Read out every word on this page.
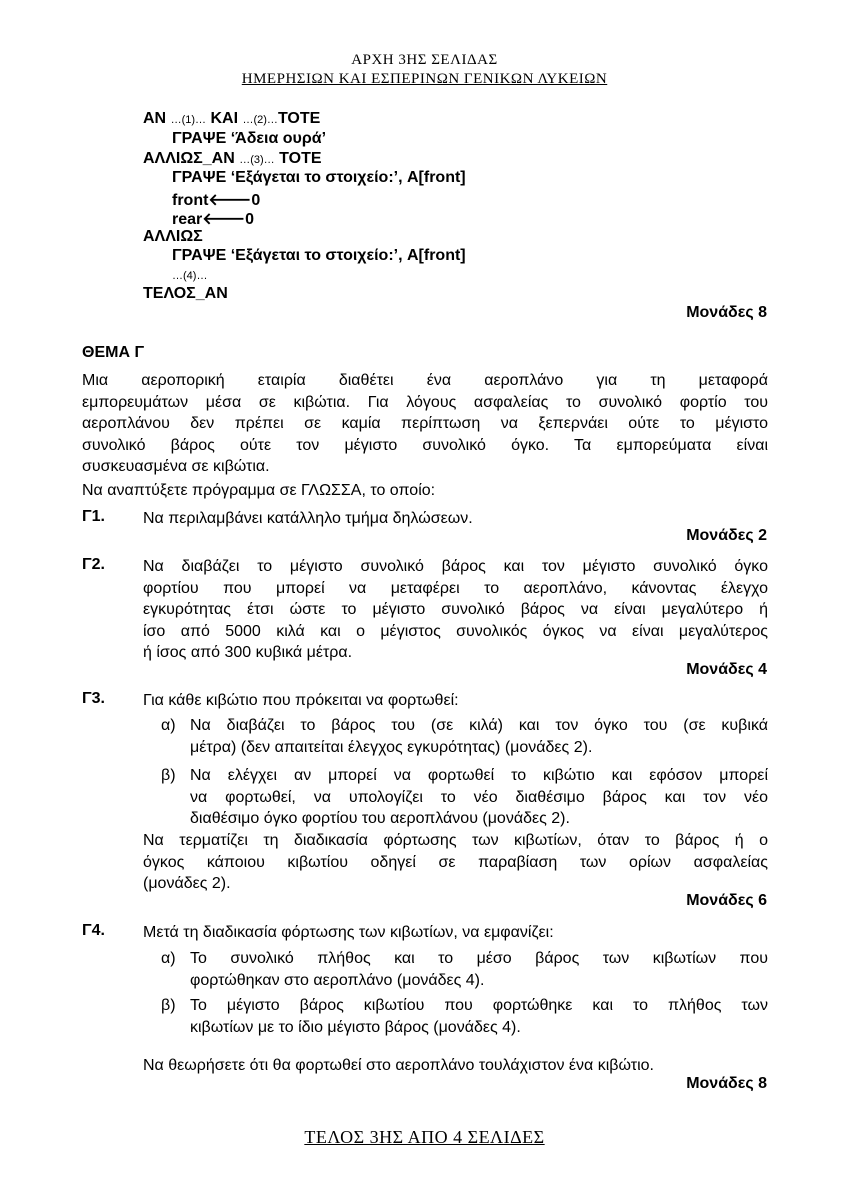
ΑΡΧΗ 3ΗΣ ΣΕΛΙΔΑΣ
ΗΜΕΡΗΣΙΩΝ ΚΑΙ ΕΣΠΕΡΙΝΩΝ ΓΕΝΙΚΩΝ ΛΥΚΕΙΩΝ
ΑΝ …(1)… ΚΑΙ …(2)…ΤΟΤΕ
ΓΡΑΨΕ ‘Άδεια ουρά’
ΑΛΛΙΩΣ_ΑΝ …(3)… ΤΟΤΕ
ΓΡΑΨΕ ‘Εξάγεται το στοιχείο:’, A[front]
front🡐0
rear🡐0
ΑΛΛΙΩΣ
ΓΡΑΨΕ ‘Εξάγεται το στοιχείο:’, A[front]
…(4)…
ΤΕΛΟΣ_ΑΝ
Μονάδες 8
ΘΕΜΑ Γ
Μια αεροπορική εταιρία διαθέτει ένα αεροπλάνο για τη μεταφορά
εμπορευμάτων μέσα σε κιβώτια. Για λόγους ασφαλείας το συνολικό φορτίο του
αεροπλάνου δεν πρέπει σε καμία περίπτωση να ξεπερνάει ούτε το μέγιστο
συνολικό βάρος ούτε τον μέγιστο συνολικό όγκο. Τα εμπορεύματα είναι
συσκευασμένα σε κιβώτια.
Να αναπτύξετε πρόγραμμα σε ΓΛΩΣΣΑ, το οποίο:
Γ1. Να περιλαμβάνει κατάλληλο τμήμα δηλώσεων.
Μονάδες 2
Γ2. Να διαβάζει το μέγιστο συνολικό βάρος και τον μέγιστο συνολικό όγκο
φορτίου που μπορεί να μεταφέρει το αεροπλάνο, κάνοντας έλεγχο
εγκυρότητας έτσι ώστε το μέγιστο συνολικό βάρος να είναι μεγαλύτερο ή
ίσο από 5000 κιλά και ο μέγιστος συνολικός όγκος να είναι μεγαλύτερος
ή ίσος από 300 κυβικά μέτρα.
Μονάδες 4
Γ3. Για κάθε κιβώτιο που πρόκειται να φορτωθεί:
α) Να διαβάζει το βάρος του (σε κιλά) και τον όγκο του (σε κυβικά
μέτρα) (δεν απαιτείται έλεγχος εγκυρότητας) (μονάδες 2).
β) Να ελέγχει αν μπορεί να φορτωθεί το κιβώτιο και εφόσον μπορεί
να φορτωθεί, να υπολογίζει το νέο διαθέσιμο βάρος και τον νέο
διαθέσιμο όγκο φορτίου του αεροπλάνου (μονάδες 2).
Να τερματίζει τη διαδικασία φόρτωσης των κιβωτίων, όταν το βάρος ή ο
όγκος κάποιου κιβωτίου οδηγεί σε παραβίαση των ορίων ασφαλείας
(μονάδες 2).
Μονάδες 6
Γ4. Μετά τη διαδικασία φόρτωσης των κιβωτίων, να εμφανίζει:
α) Το συνολικό πλήθος και το μέσο βάρος των κιβωτίων που
φορτώθηκαν στο αεροπλάνο (μονάδες 4).
β) Το μέγιστο βάρος κιβωτίου που φορτώθηκε και το πλήθος των
κιβωτίων με το ίδιο μέγιστο βάρος (μονάδες 4).
Να θεωρήσετε ότι θα φορτωθεί στο αεροπλάνο τουλάχιστον ένα κιβώτιο.
Μονάδες 8
ΤΕΛΟΣ 3ΗΣ ΑΠΟ 4 ΣΕΛΙΔΕΣ
